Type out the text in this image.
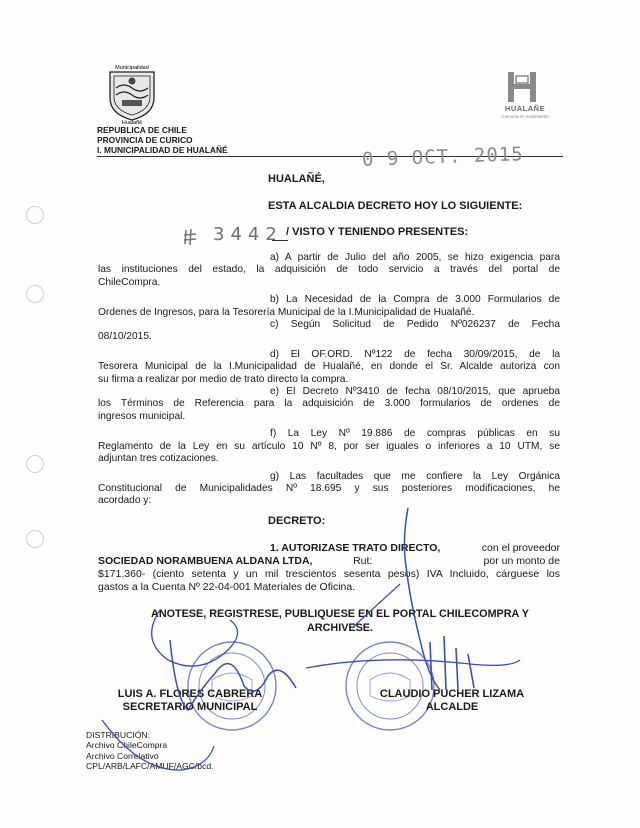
Municipalidad
Hualañé
REPUBLICA DE CHILE
PROVINCIA DE CURICO
I. MUNICIPALIDAD DE HUALAÑÉ
HUALAÑE
Comuna en movimiento
0 9 OCT. 2015
HUALAÑÉ,
ESTA ALCALDIA DECRETO HOY LO SIGUIENTE:
3442 / VISTO Y TENIENDO PRESENTES:
a) A partir de Julio del año 2005, se hizo exigencia para
las instituciones del estado, la adquisición de todo servicio a través del portal de
ChileCompra.
b) La Necesidad de la Compra de 3.000 Formularios de
Ordenes de Ingresos, para la Tesorería Municipal de la I.Municipalidad de Hualañé.
c) Según Solicitud de Pedido Nº026237 de Fecha
08/10/2015.
d) El OF.ORD. Nº122 de fecha 30/09/2015, de la
Tesorera Municipal de la I.Municipalidad de Hualañé, en donde el Sr. Alcalde autoriza con
su firma a realizar por medio de trato directo la compra.
e) El Decreto Nº3410 de fecha 08/10/2015, que aprueba
los Términos de Referencia para la adquisición de 3.000 formularios de ordenes de
ingresos municipal.
f) La Ley Nº 19.886 de compras públicas en su
Reglamento de la Ley en su artículo 10 Nº 8, por ser iguales o inferiores a 10 UTM, se
adjuntan tres cotizaciones.
g) Las facultades que me confiere la Ley Orgánica
Constitucional de Municipalidades Nº 18.695 y sus posteriores modificaciones, he
acordado y:
DECRETO:
1. AUTORIZASE TRATO DIRECTO,	con el proveedor
SOCIEDAD NORAMBUENA ALDANA LTDA,	Rut:	por un monto de
$171.360- (ciento setenta y un mil trescientos sesenta pesos) IVA Incluido, cárguese los
gastos a la Cuenta Nº 22-04-001 Materiales de Oficina.
ANOTESE, REGISTRESE, PUBLIQUESE EN EL PORTAL CHILECOMPRA Y
ARCHIVESE.
LUIS A. FLORES CABRERA
SECRETARIO MUNICIPAL
CLAUDIO PUCHER LIZAMA
ALCALDE
DISTRIBUCIÓN:
Archivo ChileCompra
Archivo Correlativo
CPL/ARB/LAFC/AMUF/AGC/bcd.
